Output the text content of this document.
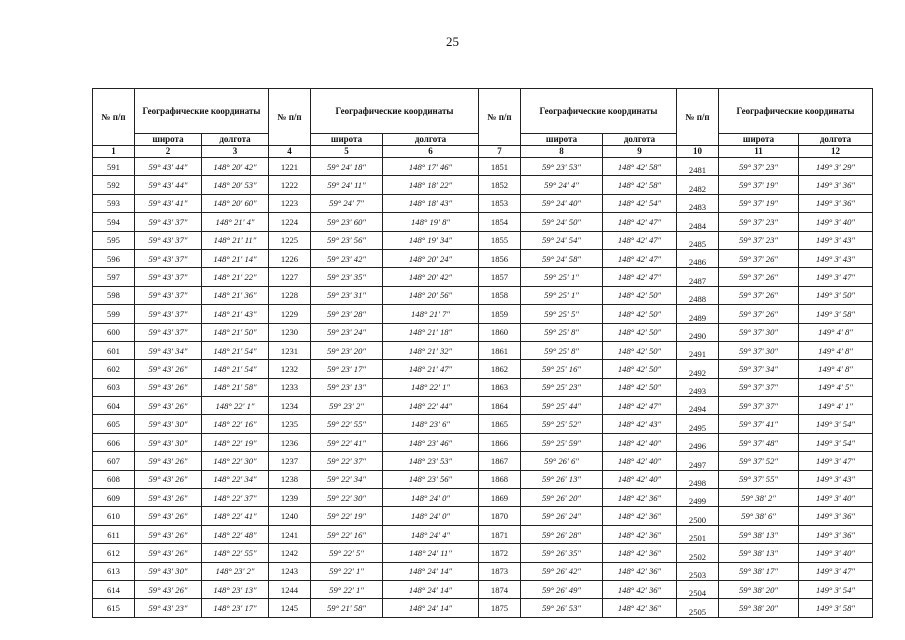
25
№ п/п	Географические координаты		№ п/п	Географические координаты		№ п/п	Географические координаты		№ п/п	Географические координаты	
	широта	долгота		широта	долгота		широта	долгота		широта	долгота
1	2	3	4	5	6	7	8	9	10	11	12
591	59° 43′ 44″	148° 20′ 42″	1221	59° 24′ 18″	148° 17′ 46″	1851	59° 23′ 53″	148° 42′ 58″	2481	59° 37′ 23″	149° 3′ 29″
592	59° 43′ 44″	148° 20′ 53″	1222	59° 24′ 11″	148° 18′ 22″	1852	59° 24′ 4″	148° 42′ 58″	2482	59° 37′ 19″	149° 3′ 36″
593	59° 43′ 41″	148° 20′ 60″	1223	59° 24′ 7″	148° 18′ 43″	1853	59° 24′ 40″	148° 42′ 54″	2483	59° 37′ 19″	149° 3′ 36″
594	59° 43′ 37″	148° 21′ 4″	1224	59° 23′ 60″	148° 19′ 8″	1854	59° 24′ 50″	148° 42′ 47″	2484	59° 37′ 23″	149° 3′ 40″
595	59° 43′ 37″	148° 21′ 11″	1225	59° 23′ 56″	148° 19′ 34″	1855	59° 24′ 54″	148° 42′ 47″	2485	59° 37′ 23″	149° 3′ 43″
596	59° 43′ 37″	148° 21′ 14″	1226	59° 23′ 42″	148° 20′ 24″	1856	59° 24′ 58″	148° 42′ 47″	2486	59° 37′ 26″	149° 3′ 43″
597	59° 43′ 37″	148° 21′ 22″	1227	59° 23′ 35″	148° 20′ 42″	1857	59° 25′ 1″	148° 42′ 47″	2487	59° 37′ 26″	149° 3′ 47″
598	59° 43′ 37″	148° 21′ 36″	1228	59° 23′ 31″	148° 20′ 56″	1858	59° 25′ 1″	148° 42′ 50″	2488	59° 37′ 26″	149° 3′ 50″
599	59° 43′ 37″	148° 21′ 43″	1229	59° 23′ 28″	148° 21′ 7″	1859	59° 25′ 5″	148° 42′ 50″	2489	59° 37′ 26″	149° 3′ 58″
600	59° 43′ 37″	148° 21′ 50″	1230	59° 23′ 24″	148° 21′ 18″	1860	59° 25′ 8″	148° 42′ 50″	2490	59° 37′ 30″	149° 4′ 8″
601	59° 43′ 34″	148° 21′ 54″	1231	59° 23′ 20″	148° 21′ 32″	1861	59° 25′ 8″	148° 42′ 50″	2491	59° 37′ 30″	149° 4′ 8″
602	59° 43′ 26″	148° 21′ 54″	1232	59° 23′ 17″	148° 21′ 47″	1862	59° 25′ 16″	148° 42′ 50″	2492	59° 37′ 34″	149° 4′ 8″
603	59° 43′ 26″	148° 21′ 58″	1233	59° 23′ 13″	148° 22′ 1″	1863	59° 25′ 23″	148° 42′ 50″	2493	59° 37′ 37″	149° 4′ 5″
604	59° 43′ 26″	148° 22′ 1″	1234	59° 23′ 2″	148° 22′ 44″	1864	59° 25′ 44″	148° 42′ 47″	2494	59° 37′ 37″	149° 4′ 1″
605	59° 43′ 30″	148° 22′ 16″	1235	59° 22′ 55″	148° 23′ 6″	1865	59° 25′ 52″	148° 42′ 43″	2495	59° 37′ 41″	149° 3′ 54″
606	59° 43′ 30″	148° 22′ 19″	1236	59° 22′ 41″	148° 23′ 46″	1866	59° 25′ 59″	148° 42′ 40″	2496	59° 37′ 48″	149° 3′ 54″
607	59° 43′ 26″	148° 22′ 30″	1237	59° 22′ 37″	148° 23′ 53″	1867	59° 26′ 6″	148° 42′ 40″	2497	59° 37′ 52″	149° 3′ 47″
608	59° 43′ 26″	148° 22′ 34″	1238	59° 22′ 34″	148° 23′ 56″	1868	59° 26′ 13″	148° 42′ 40″	2498	59° 37′ 55″	149° 3′ 43″
609	59° 43′ 26″	148° 22′ 37″	1239	59° 22′ 30″	148° 24′ 0″	1869	59° 26′ 20″	148° 42′ 36″	2499	59° 38′ 2″	149° 3′ 40″
610	59° 43′ 26″	148° 22′ 41″	1240	59° 22′ 19″	148° 24′ 0″	1870	59° 26′ 24″	148° 42′ 36″	2500	59° 38′ 6″	149° 3′ 36″
611	59° 43′ 26″	148° 22′ 48″	1241	59° 22′ 16″	148° 24′ 4″	1871	59° 26′ 28″	148° 42′ 36″	2501	59° 38′ 13″	149° 3′ 36″
612	59° 43′ 26″	148° 22′ 55″	1242	59° 22′ 5″	148° 24′ 11″	1872	59° 26′ 35″	148° 42′ 36″	2502	59° 38′ 13″	149° 3′ 40″
613	59° 43′ 30″	148° 23′ 2″	1243	59° 22′ 1″	148° 24′ 14″	1873	59° 26′ 42″	148° 42′ 36″	2503	59° 38′ 17″	149° 3′ 47″
614	59° 43′ 26″	148° 23′ 13″	1244	59° 22′ 1″	148° 24′ 14″	1874	59° 26′ 49″	148° 42′ 36″	2504	59° 38′ 20″	149° 3′ 54″
615	59° 43′ 23″	148° 23′ 17″	1245	59° 21′ 58″	148° 24′ 14″	1875	59° 26′ 53″	148° 42′ 36″	2505	59° 38′ 20″	149° 3′ 58″
